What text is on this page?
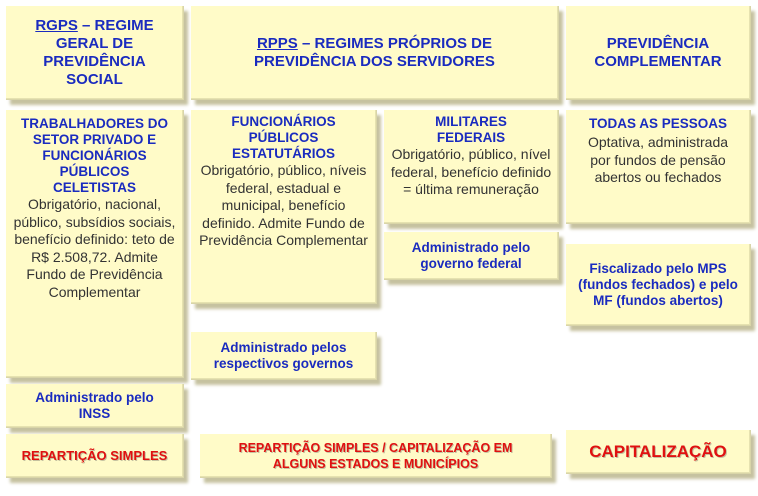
RGPS – REGIME GERAL DE PREVIDÊNCIA SOCIAL
RPPS – REGIMES PRÓPRIOS DE PREVIDÊNCIA DOS SERVIDORES
PREVIDÊNCIA COMPLEMENTAR
TRABALHADORES DO SETOR PRIVADO E FUNCIONÁRIOS PÚBLICOS CELETISTAS
Obrigatório, nacional, público, subsídios sociais, benefício definido: teto de R$ 2.508,72. Admite Fundo de Previdência Complementar
FUNCIONÁRIOS PÚBLICOS ESTATUTÁRIOS
Obrigatório, público, níveis federal, estadual e municipal, benefício definido. Admite Fundo de Previdência Complementar
MILITARES FEDERAIS
Obrigatório, público, nível federal, benefício definido = última remuneração
TODAS AS PESSOAS
Optativa, administrada por fundos de pensão abertos ou fechados
Administrado pelo governo federal	Fiscalizado pelo MPS (fundos fechados) e pelo MF (fundos abertos)
Administrado pelos respectivos governos
Administrado pelo INSS
REPARTIÇÃO SIMPLES	REPARTIÇÃO SIMPLES / CAPITALIZAÇÃO EM ALGUNS ESTADOS E MUNICÍPIOS
CAPITALIZAÇÃO
